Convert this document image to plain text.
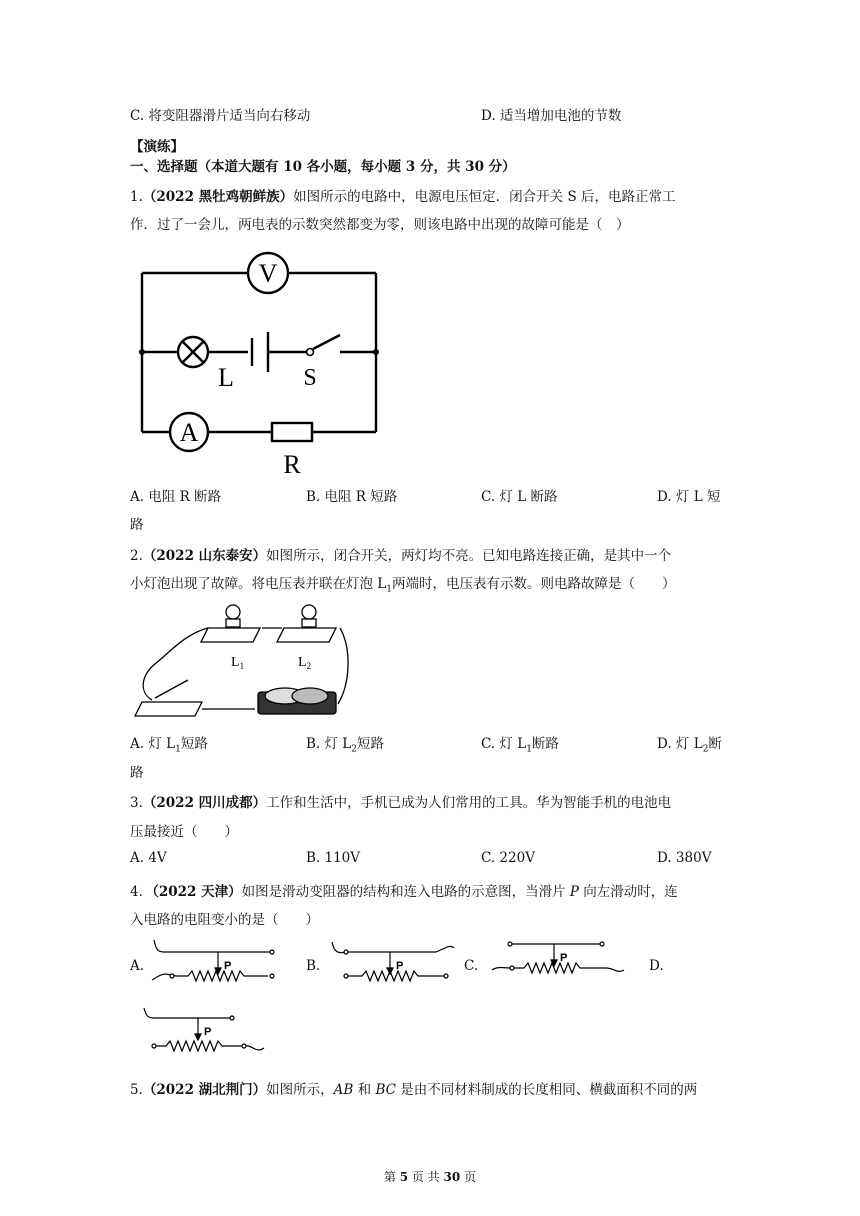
C. 将变阻器滑片适当向右移动	D. 适当增加电池的节数
【演练】
一、选择题（本道大题有 10 各小题，每小题 3 分，共 30 分）
1.（2022 黑牡鸡朝鲜族）如图所示的电路中，电源电压恒定．闭合开关 S 后，电路正常工
作．过了一会儿，两电表的示数突然都变为零，则该电路中出现的故障可能是（　）
V
A
L	S
R
A. 电阻 R 断路	B. 电阻 R 短路	C. 灯 L 断路	D. 灯 L 短
路
2.（2022 山东泰安）如图所示，闭合开关，两灯均不亮。已知电路连接正确，是其中一个
小灯泡出现了故障。将电压表并联在灯泡 $L_1$两端时，电压表有示数。则电路故障是（　　）
$L_1$	$L_2$
A. 灯 $L_1$短路	B. 灯 $L_2$短路	C. 灯 $L_1$断路	D. 灯 $L_2$断
路
3.（2022 四川成都）工作和生活中，手机已成为人们常用的工具。华为智能手机的电池电
压最接近（　　）
A. 4V	B. 110V	C. 220V	D. 380V
4．（2022 天津）如图是滑动变阻器的结构和连入电路的示意图，当滑片 P 向左滑动时，连
入电路的电阻变小的是（　　）
A.	B.	C.	D.
P	P
P
P
5.（2022 湖北荆门）如图所示，AB 和 BC 是由不同材料制成的长度相同、横截面积不同的两
第 5 页 共 30 页
